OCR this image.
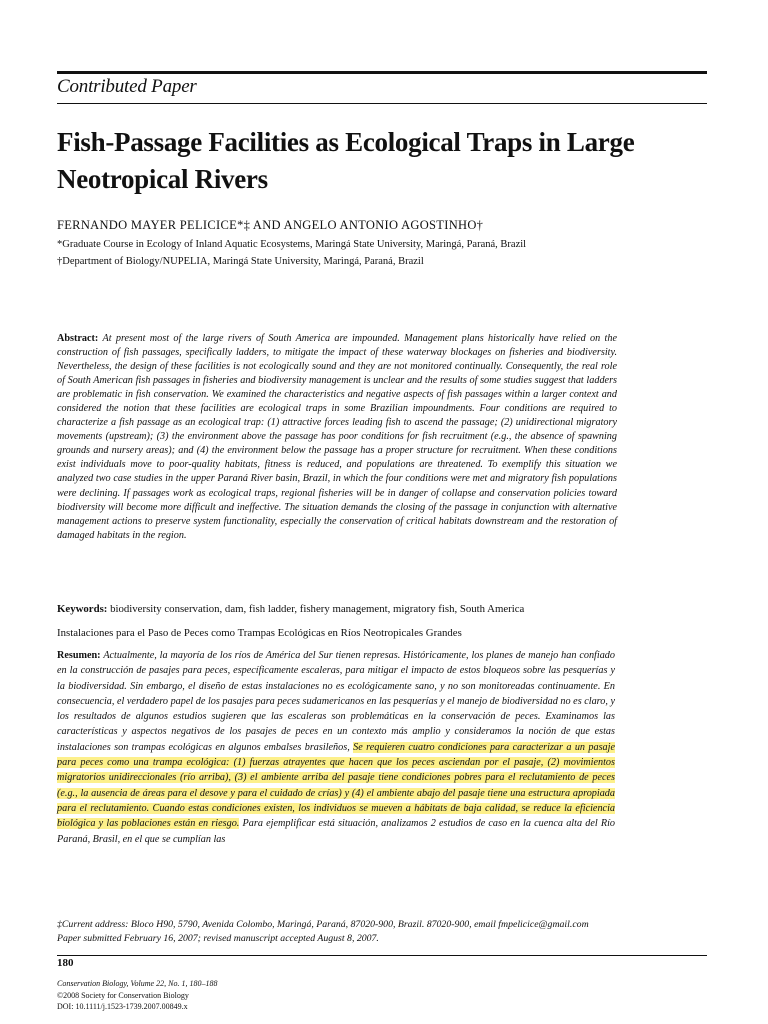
Contributed Paper
Fish-Passage Facilities as Ecological Traps in Large Neotropical Rivers
FERNANDO MAYER PELICICE*‡ AND ANGELO ANTONIO AGOSTINHO†
*Graduate Course in Ecology of Inland Aquatic Ecosystems, Maringá State University, Maringá, Paraná, Brazil
†Department of Biology/NUPELIA, Maringá State University, Maringá, Paraná, Brazil
Abstract: At present most of the large rivers of South America are impounded. Management plans historically have relied on the construction of fish passages, specifically ladders, to mitigate the impact of these waterway blockages on fisheries and biodiversity. Nevertheless, the design of these facilities is not ecologically sound and they are not monitored continually. Consequently, the real role of South American fish passages in fisheries and biodiversity management is unclear and the results of some studies suggest that ladders are problematic in fish conservation. We examined the characteristics and negative aspects of fish passages within a larger context and considered the notion that these facilities are ecological traps in some Brazilian impoundments. Four conditions are required to characterize a fish passage as an ecological trap: (1) attractive forces leading fish to ascend the passage; (2) unidirectional migratory movements (upstream); (3) the environment above the passage has poor conditions for fish recruitment (e.g., the absence of spawning grounds and nursery areas); and (4) the environment below the passage has a proper structure for recruitment. When these conditions exist individuals move to poor-quality habitats, fitness is reduced, and populations are threatened. To exemplify this situation we analyzed two case studies in the upper Paraná River basin, Brazil, in which the four conditions were met and migratory fish populations were declining. If passages work as ecological traps, regional fisheries will be in danger of collapse and conservation policies toward biodiversity will become more difficult and ineffective. The situation demands the closing of the passage in conjunction with alternative management actions to preserve system functionality, especially the conservation of critical habitats downstream and the restoration of damaged habitats in the region.
Keywords: biodiversity conservation, dam, fish ladder, fishery management, migratory fish, South America
Instalaciones para el Paso de Peces como Trampas Ecológicas en Ríos Neotropicales Grandes
Resumen: Actualmente, la mayoría de los ríos de América del Sur tienen represas. Históricamente, los planes de manejo han confiado en la construcción de pasajes para peces, específicamente escaleras, para mitigar el impacto de estos bloqueos sobre las pesquerías y la biodiversidad. Sin embargo, el diseño de estas instalaciones no es ecológicamente sano, y no son monitoreadas continuamente. En consecuencia, el verdadero papel de los pasajes para peces sudamericanos en las pesquerías y el manejo de biodiversidad no es claro, y los resultados de algunos estudios sugieren que las escaleras son problemáticas en la conservación de peces. Examinamos las características y aspectos negativos de los pasajes de peces en un contexto más amplio y consideramos la noción de que estas instalaciones son trampas ecológicas en algunos embalses brasileños, Se requieren cuatro condiciones para caracterizar a un pasaje para peces como una trampa ecológica: (1) fuerzas atrayentes que hacen que los peces asciendan por el pasaje, (2) movimientos migratorios unidireccionales (río arriba), (3) el ambiente arriba del pasaje tiene condiciones pobres para el reclutamiento de peces (e.g., la ausencia de áreas para el desove y para el cuidado de crías) y (4) el ambiente abajo del pasaje tiene una estructura apropiada para el reclutamiento. Cuando estas condiciones existen, los individuos se mueven a hábitats de baja calidad, se reduce la eficiencia biológica y las poblaciones están en riesgo. Para ejemplificar está situación, analizamos 2 estudios de caso en la cuenca alta del Río Paraná, Brasil, en el que se cumplían las
‡Current address: Bloco H90, 5790, Avenida Colombo, Maringá, Paraná, 87020-900, Brazil. 87020-900, email fmpelicice@gmail.com
Paper submitted February 16, 2007; revised manuscript accepted August 8, 2007.
180
Conservation Biology, Volume 22, No. 1, 180–188
©2008 Society for Conservation Biology
DOI: 10.1111/j.1523-1739.2007.00849.x
